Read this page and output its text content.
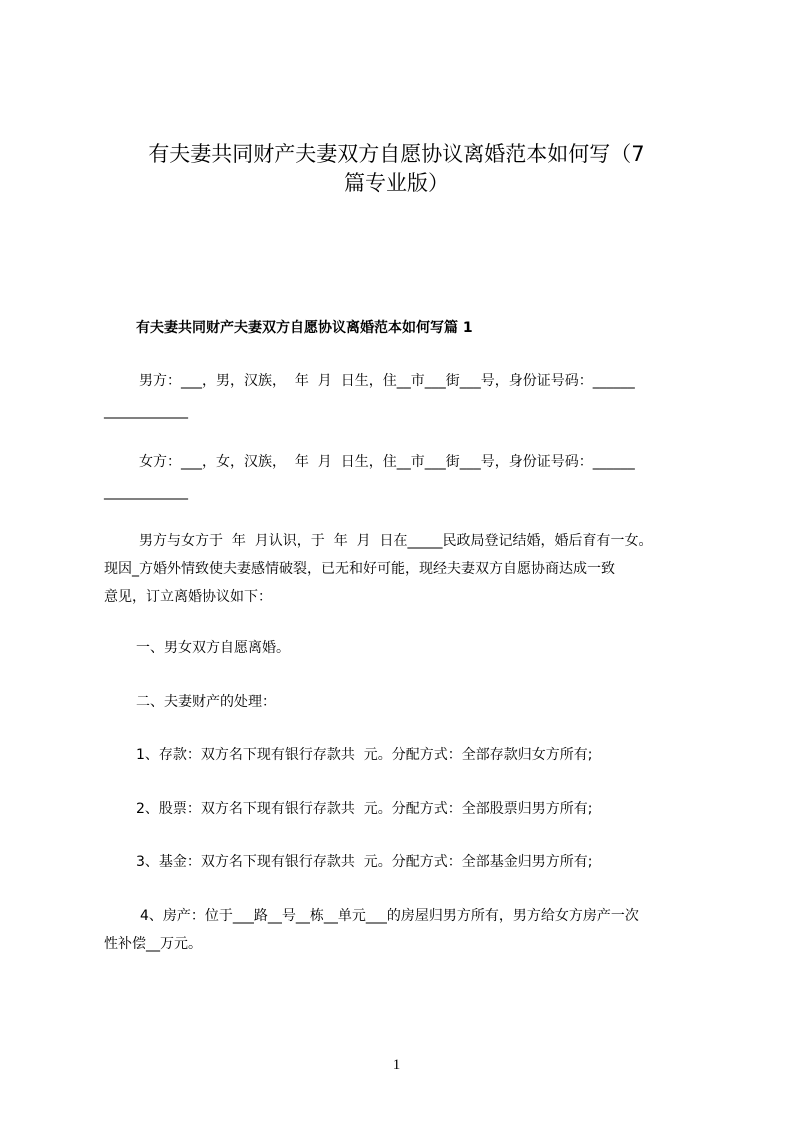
有夫妻共同财产夫妻双方自愿协议离婚范本如何写（7
篇专业版）
有夫妻共同财产夫妻双方自愿协议离婚范本如何写篇 1

男方：___，男，汉族，  年  月  日生，住__市___街___号，身份证号码：______

____________

女方：___，女，汉族，  年  月  日生，住__市___街___号，身份证号码：______

____________

男方与女方于  年  月认识，于  年  月  日在_____民政局登记结婚，婚后育有一女。

现因_方婚外情致使夫妻感情破裂，已无和好可能，现经夫妻双方自愿协商达成一致

意见，订立离婚协议如下：

一、男女双方自愿离婚。

二、夫妻财产的处理：

1、存款：双方名下现有银行存款共  元。分配方式：全部存款归女方所有;

2、股票：双方名下现有银行存款共  元。分配方式：全部股票归男方所有;

3、基金：双方名下现有银行存款共  元。分配方式：全部基金归男方所有;

4、房产：位于___路__号__栋__单元___的房屋归男方所有，男方给女方房产一次

性补偿__万元。

1
